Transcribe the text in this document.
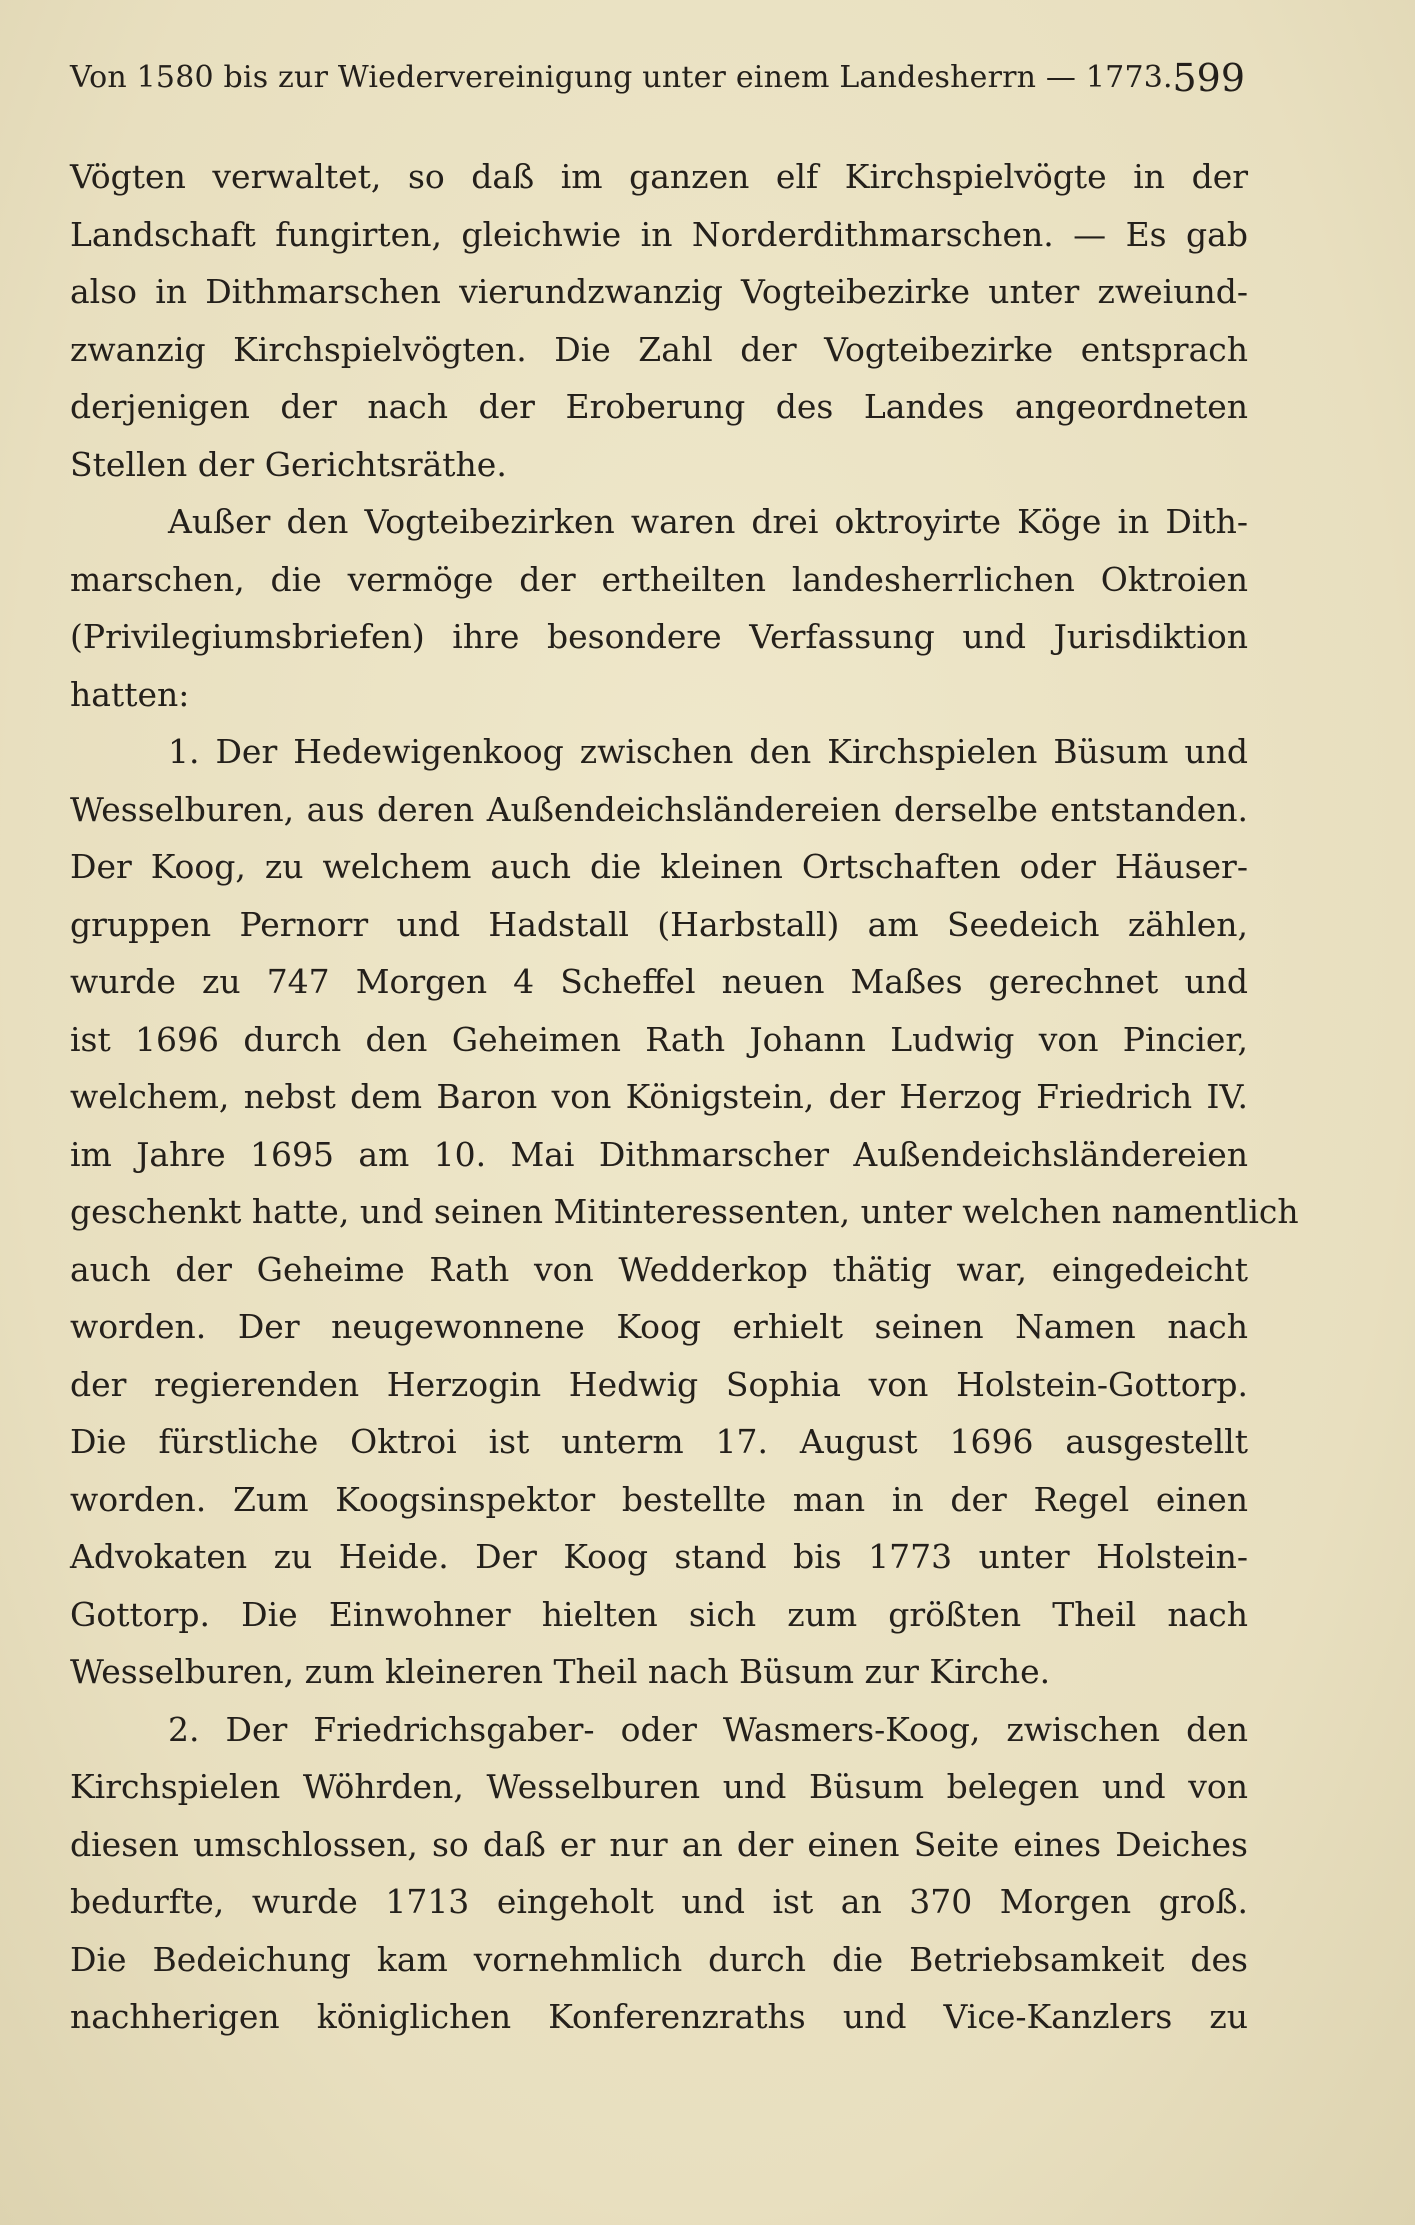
Von 1580 bis zur Wiedervereinigung unter einem Landesherrn — 1773. 599
Vögten verwaltet, so daß im ganzen elf Kirchspielvögte in der
Landschaft fungirten, gleichwie in Norderdithmarschen. — Es gab
also in Dithmarschen vierundzwanzig Vogteibezirke unter zweiund-
zwanzig Kirchspielvögten. Die Zahl der Vogteibezirke entsprach
derjenigen der nach der Eroberung des Landes angeordneten
Stellen der Gerichtsräthe.
Außer den Vogteibezirken waren drei oktroyirte Köge in Dith-
marschen, die vermöge der ertheilten landesherrlichen Oktroien
(Privilegiumsbriefen) ihre besondere Verfassung und Jurisdiktion
hatten:
1. Der Hedewigenkoog zwischen den Kirchspielen Büsum und
Wesselburen, aus deren Außendeichsländereien derselbe entstanden.
Der Koog, zu welchem auch die kleinen Ortschaften oder Häuser-
gruppen Pernorr und Hadstall (Harbstall) am Seedeich zählen,
wurde zu 747 Morgen 4 Scheffel neuen Maßes gerechnet und
ist 1696 durch den Geheimen Rath Johann Ludwig von Pincier,
welchem, nebst dem Baron von Königstein, der Herzog Friedrich IV.
im Jahre 1695 am 10. Mai Dithmarscher Außendeichsländereien
geschenkt hatte, und seinen Mitinteressenten, unter welchen namentlich
auch der Geheime Rath von Wedderkop thätig war, eingedeicht
worden. Der neugewonnene Koog erhielt seinen Namen nach
der regierenden Herzogin Hedwig Sophia von Holstein-Gottorp.
Die fürstliche Oktroi ist unterm 17. August 1696 ausgestellt
worden. Zum Koogsinspektor bestellte man in der Regel einen
Advokaten zu Heide. Der Koog stand bis 1773 unter Holstein-
Gottorp. Die Einwohner hielten sich zum größten Theil nach
Wesselburen, zum kleineren Theil nach Büsum zur Kirche.
2. Der Friedrichsgaber- oder Wasmers-Koog, zwischen den
Kirchspielen Wöhrden, Wesselburen und Büsum belegen und von
diesen umschlossen, so daß er nur an der einen Seite eines Deiches
bedurfte, wurde 1713 eingeholt und ist an 370 Morgen groß.
Die Bedeichung kam vornehmlich durch die Betriebsamkeit des
nachherigen königlichen Konferenzraths und Vice-Kanzlers zu
